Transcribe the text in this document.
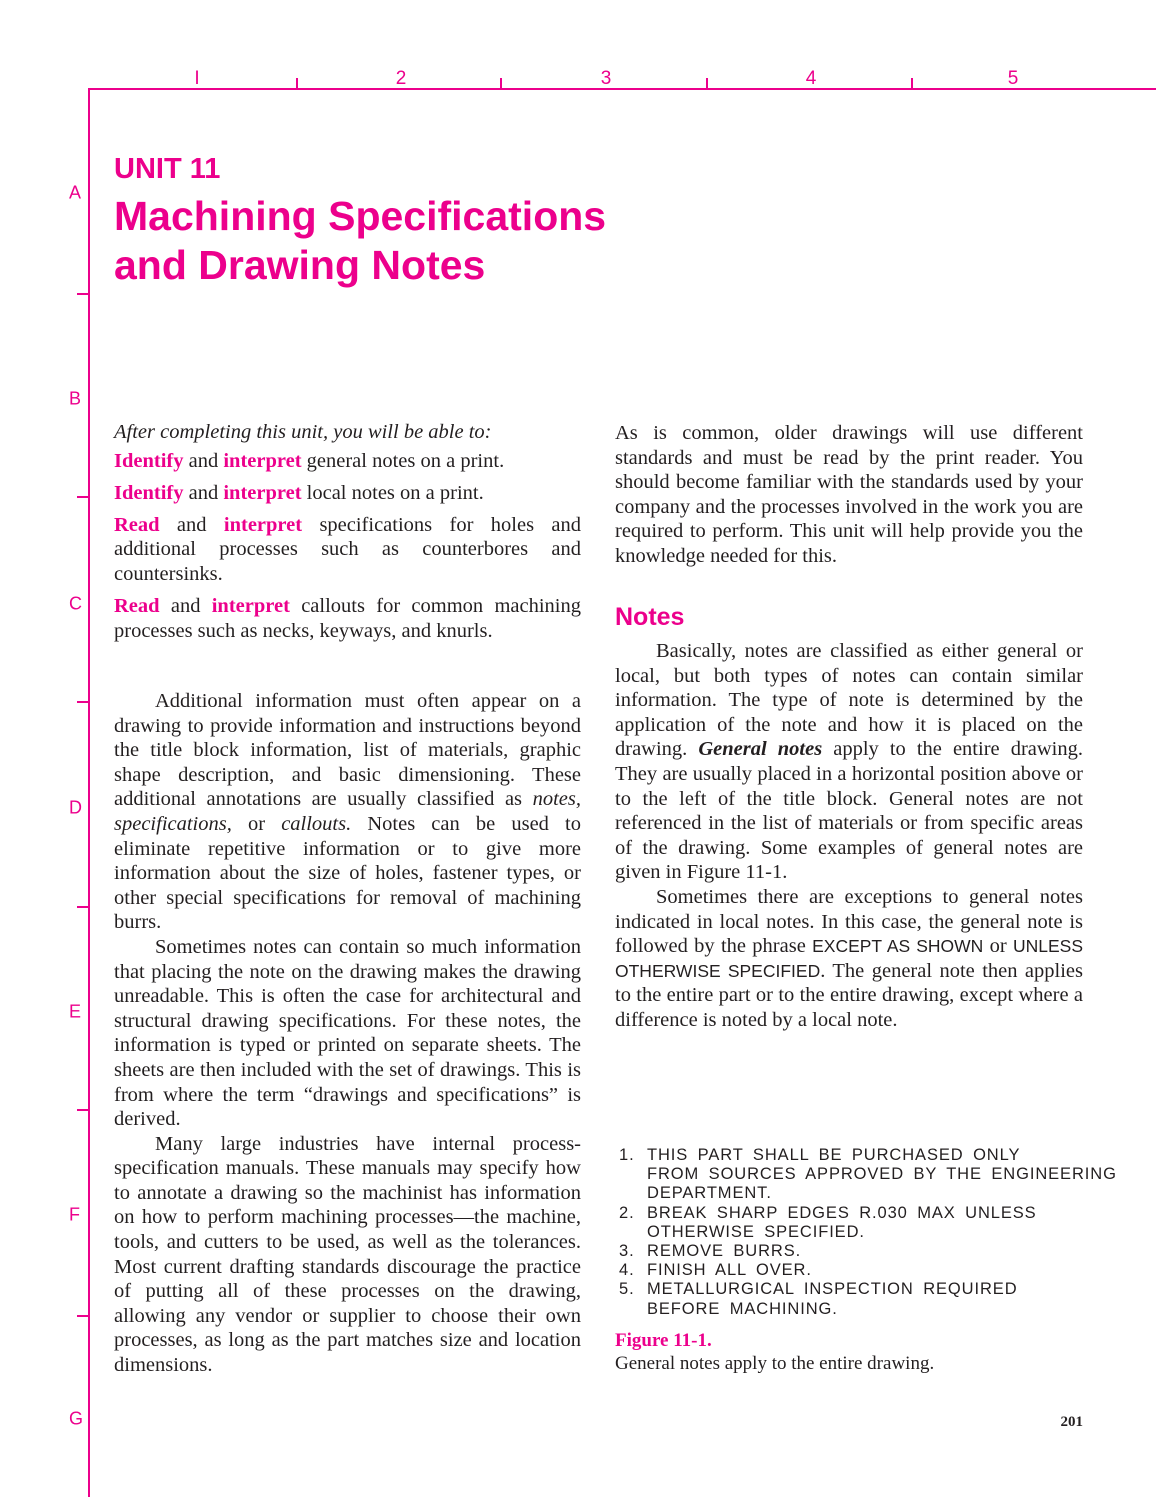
I	2	3	4	5
A
B
C
D
E
F
G
UNIT 11
Machining Specifications
and Drawing Notes

After completing this unit, you will be able to:

Identify and interpret general notes on a print.
Identify and interpret local notes on a print.
Read and interpret specifications for holes and additional processes such as counterbores and countersinks.
Read and interpret callouts for common machining processes such as necks, keyways, and knurls.

Additional information must often appear on a drawing to provide information and instructions beyond the title block information, list of materials, graphic shape description, and basic dimensioning. These additional annotations are usually classified as notes, specifications, or callouts. Notes can be used to eliminate repetitive information or to give more information about the size of holes, fastener types, or other special specifications for removal of machining burrs.

Sometimes notes can contain so much information that placing the note on the drawing makes the drawing unreadable. This is often the case for architectural and structural drawing specifications. For these notes, the information is typed or printed on separate sheets. The sheets are then included with the set of drawings. This is from where the term “drawings and specifications” is derived.

Many large industries have internal process-specification manuals. These manuals may specify how to annotate a drawing so the machinist has information on how to perform machining processes—the machine, tools, and cutters to be used, as well as the tolerances. Most current drafting standards discourage the practice of putting all of these processes on the drawing, allowing any vendor or supplier to choose their own processes, as long as the part matches size and location dimensions.

As is common, older drawings will use different standards and must be read by the print reader. You should become familiar with the standards used by your company and the processes involved in the work you are required to perform. This unit will help provide you the knowledge needed for this.

Notes

Basically, notes are classified as either general or local, but both types of notes can contain similar information. The type of note is determined by the application of the note and how it is placed on the drawing. General notes apply to the entire drawing. They are usually placed in a horizontal position above or to the left of the title block. General notes are not referenced in the list of materials or from specific areas of the drawing. Some examples of general notes are given in Figure 11-1.

Sometimes there are exceptions to general notes indicated in local notes. In this case, the general note is followed by the phrase EXCEPT AS SHOWN or UNLESS OTHERWISE SPECIFIED. The general note then applies to the entire part or to the entire drawing, except where a difference is noted by a local note.

1. THIS PART SHALL BE PURCHASED ONLY
FROM SOURCES APPROVED BY THE ENGINEERING
DEPARTMENT.
2. BREAK SHARP EDGES R.030 MAX UNLESS
OTHERWISE SPECIFIED.
3. REMOVE BURRS.
4. FINISH ALL OVER.
5. METALLURGICAL INSPECTION REQUIRED
BEFORE MACHINING.
Figure 11-1.
General notes apply to the entire drawing.
201
